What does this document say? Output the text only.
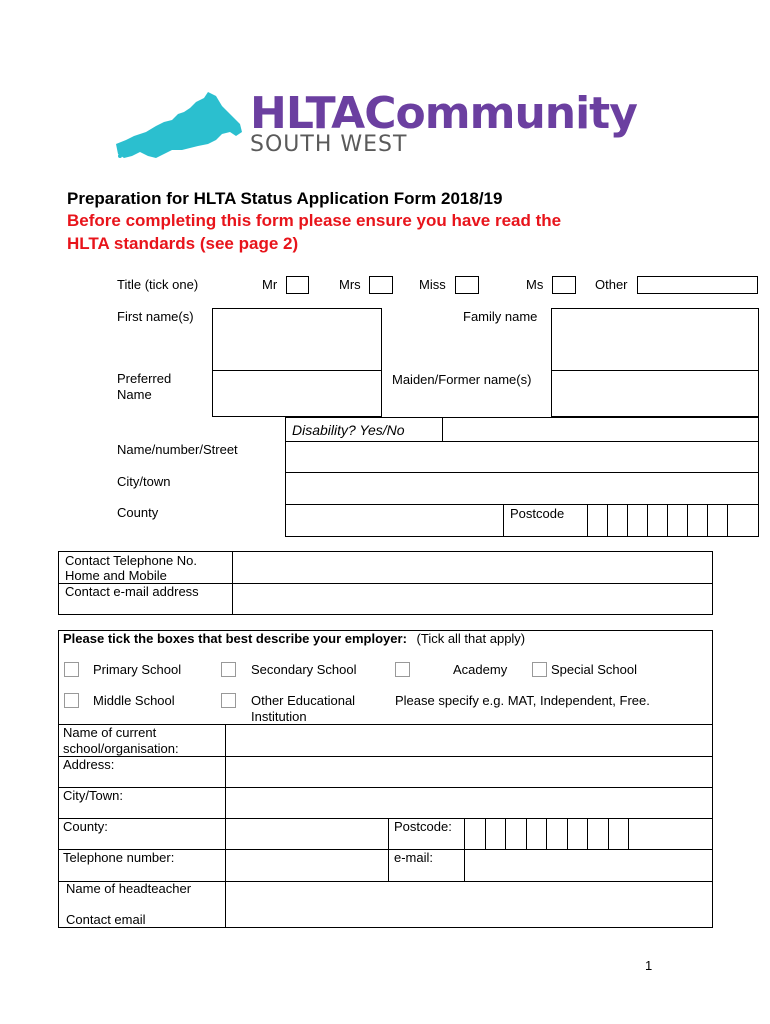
HLTACommunity
SOUTH WEST
Preparation for HLTA Status Application Form 2018/19
Before completing this form please ensure you have read the
HLTA standards (see page 2)
Title (tick one)	Mr	Mrs	Miss	Ms	Other
First name(s)	Family name
Preferred
Name
Maiden/Former name(s)
Disability? Yes/No
Name/number/Street
City/town
County	Postcode
Contact Telephone No.
Home and Mobile
Contact e-mail address
Please tick the boxes that best describe your employer: (Tick all that apply)
Primary School	Secondary School	Academy	Special School
Middle School	Other Educational
Institution
Please specify e.g. MAT, Independent, Free.
Name of current
school/organisation:
Address:
City/Town:
County:	Postcode:
Telephone number:	e-mail:
Name of headteacher
Contact email
1
